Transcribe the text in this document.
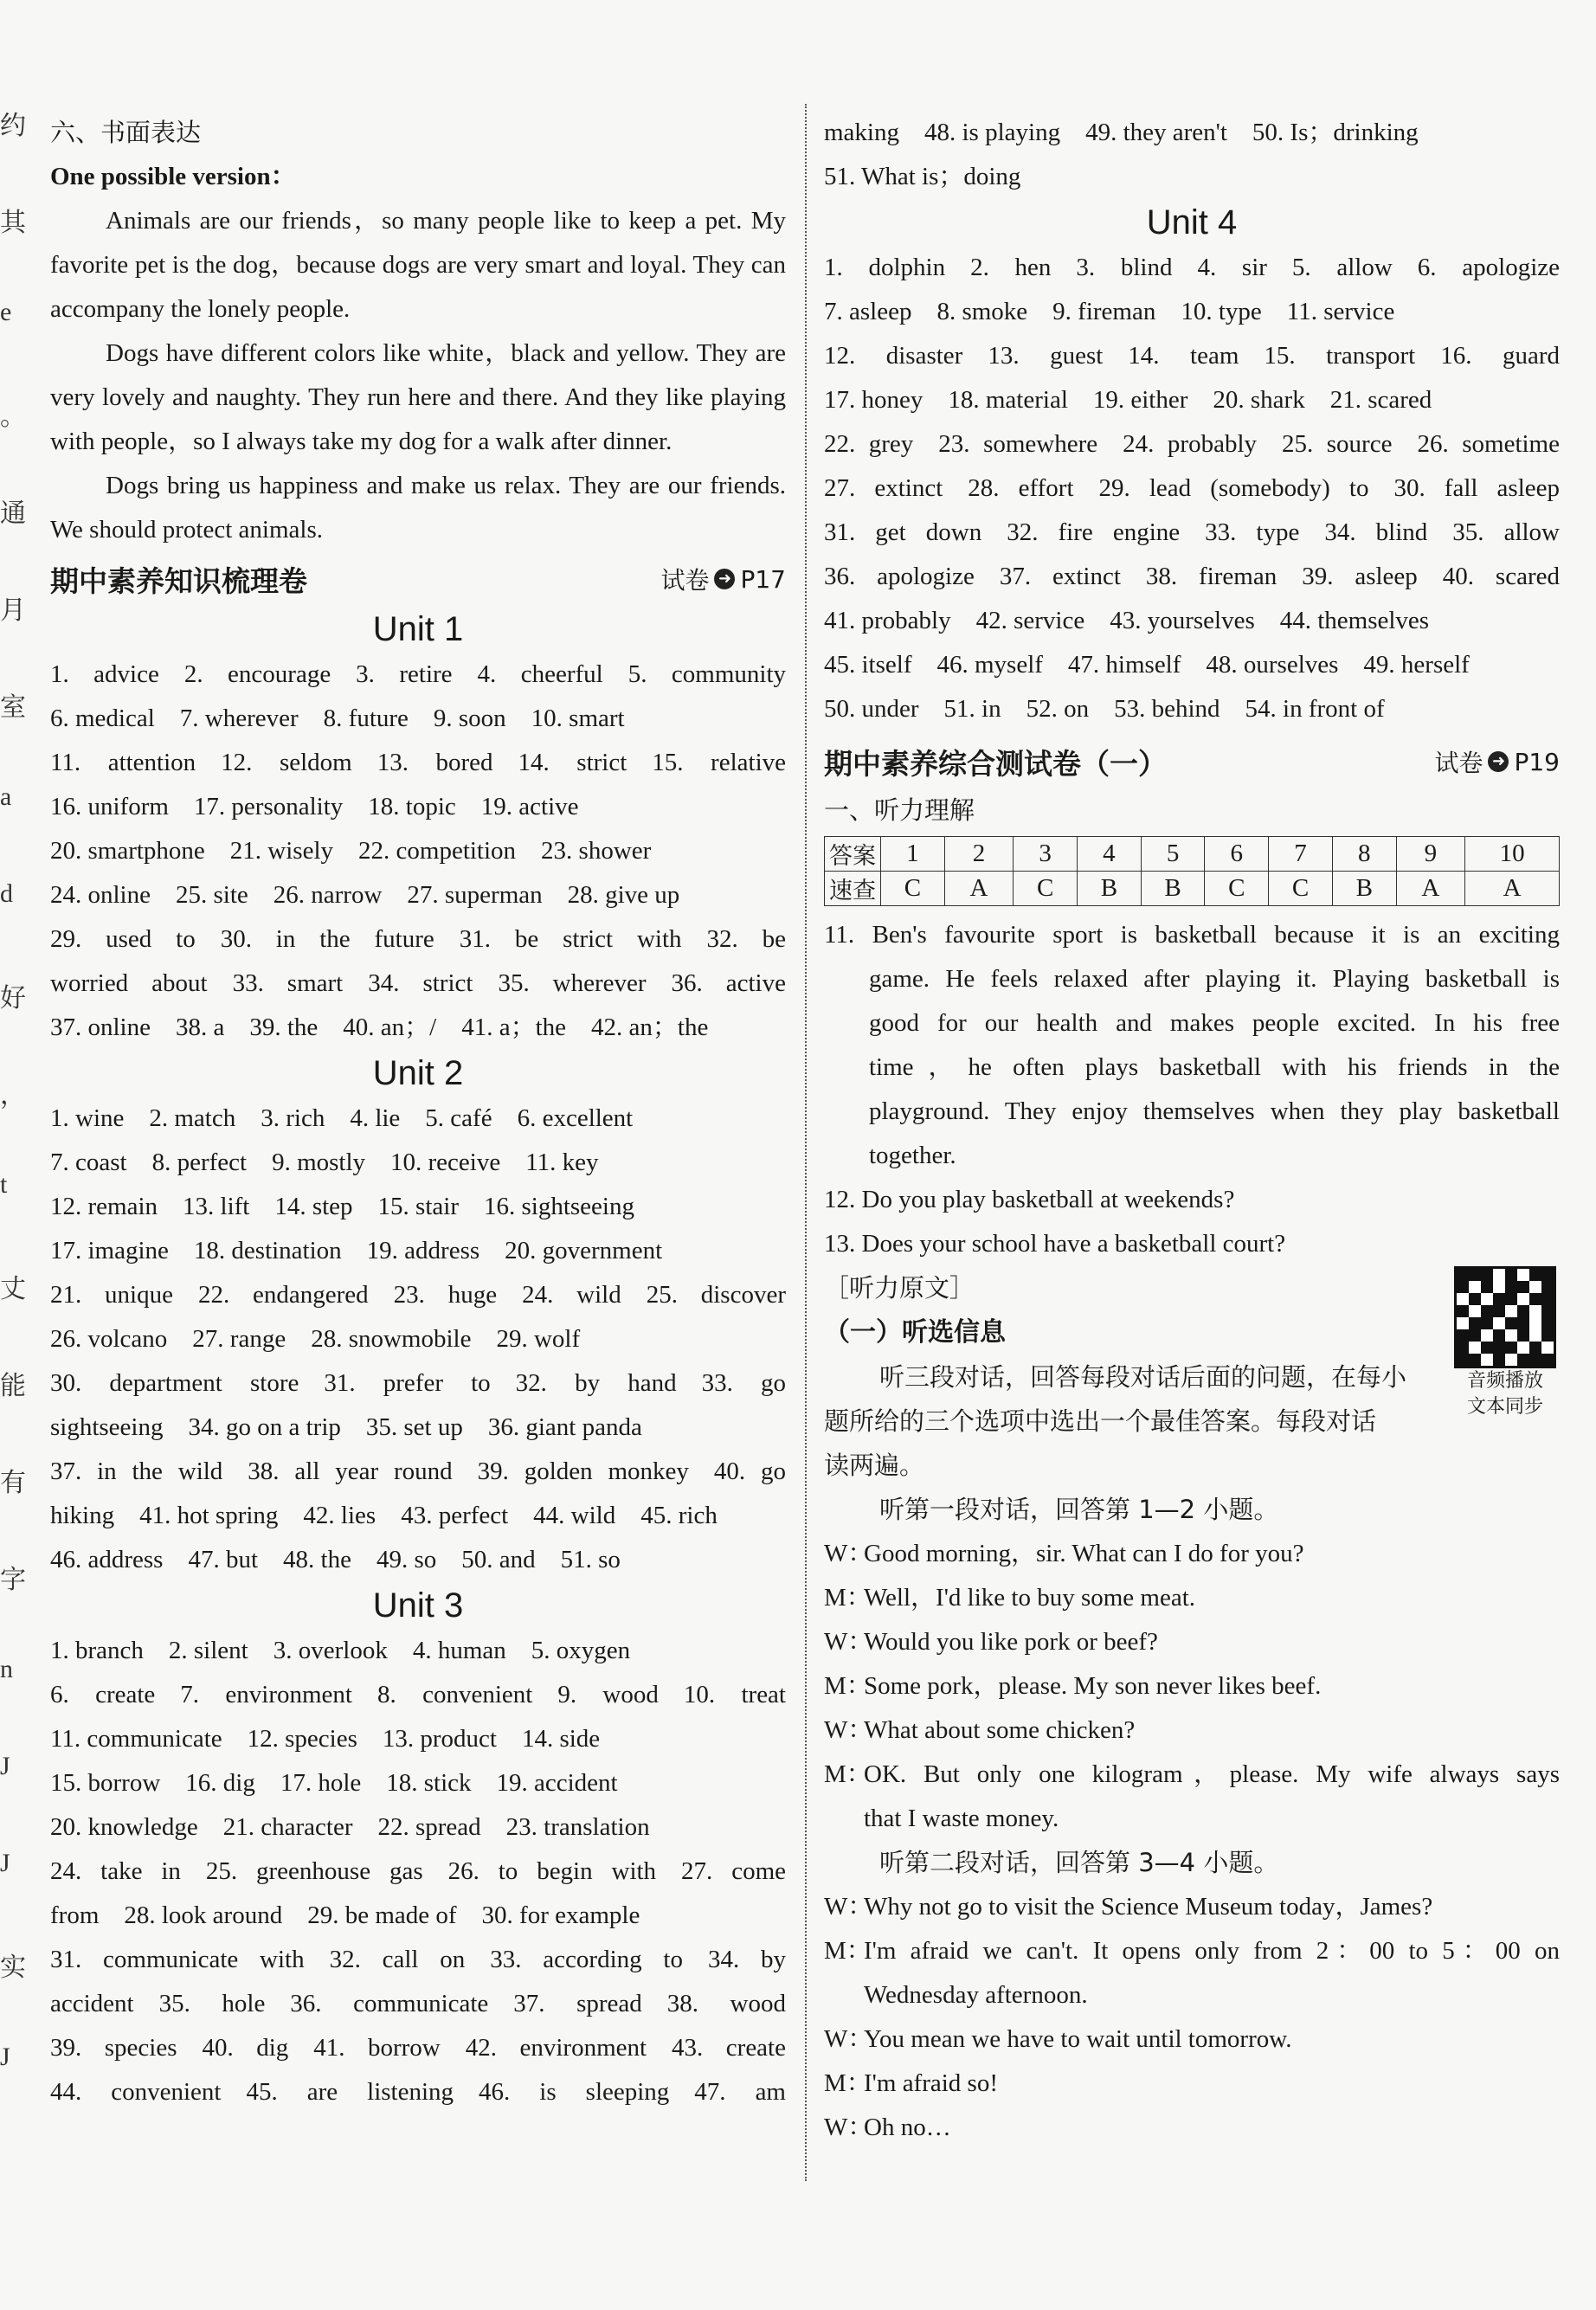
约
其
e
。
通
月
室
a
d
好
，
t
丈
能
有
字
n
J
J
实
J
六、书面表达
One possible version：
Animals are our friends，so many people like to keep a pet. My favorite pet is the dog，because dogs are very smart and loyal. They can accompany the lonely people.
Dogs have different colors like white，black and yellow. They are very lovely and naughty. They run here and there. And they like playing with people，so I always take my dog for a walk after dinner.
Dogs bring us happiness and make us relax. They are our friends. We should protect animals.
期中素养知识梳理卷	试卷 ➜ P17
Unit 1
1. advice 2. encourage 3. retire 4. cheerful 5. community
6. medical 7. wherever 8. future 9. soon 10. smart
11. attention 12. seldom 13. bored 14. strict 15. relative
16. uniform 17. personality 18. topic 19. active
20. smartphone 21. wisely 22. competition 23. shower
24. online 25. site 26. narrow 27. superman 28. give up
29. used to 30. in the future 31. be strict with 32. be
worried about 33. smart 34. strict 35. wherever 36. active
37. online 38. a 39. the 40. an；/ 41. a；the 42. an；the
Unit 2
1. wine 2. match 3. rich 4. lie 5. café 6. excellent
7. coast 8. perfect 9. mostly 10. receive 11. key
12. remain 13. lift 14. step 15. stair 16. sightseeing
17. imagine 18. destination 19. address 20. government
21. unique 22. endangered 23. huge 24. wild 25. discover
26. volcano 27. range 28. snowmobile 29. wolf
30. department store 31. prefer to 32. by hand 33. go
sightseeing 34. go on a trip 35. set up 36. giant panda
37. in the wild 38. all year round 39. golden monkey 40. go
hiking 41. hot spring 42. lies 43. perfect 44. wild 45. rich
46. address 47. but 48. the 49. so 50. and 51. so
Unit 3
1. branch 2. silent 3. overlook 4. human 5. oxygen
6. create 7. environment 8. convenient 9. wood 10. treat
11. communicate 12. species 13. product 14. side
15. borrow 16. dig 17. hole 18. stick 19. accident
20. knowledge 21. character 22. spread 23. translation
24. take in 25. greenhouse gas 26. to begin with 27. come
from 28. look around 29. be made of 30. for example
31. communicate with 32. call on 33. according to 34. by
accident 35. hole 36. communicate 37. spread 38. wood
39. species 40. dig 41. borrow 42. environment 43. create
44. convenient 45. are listening 46. is sleeping 47. am
making 48. is playing 49. they aren't 50. Is；drinking
51. What is；doing
Unit 4
1. dolphin 2. hen 3. blind 4. sir 5. allow 6. apologize
7. asleep 8. smoke 9. fireman 10. type 11. service
12. disaster 13. guest 14. team 15. transport 16. guard
17. honey 18. material 19. either 20. shark 21. scared
22. grey 23. somewhere 24. probably 25. source 26. sometime
27. extinct 28. effort 29. lead (somebody) to 30. fall asleep
31. get down 32. fire engine 33. type 34. blind 35. allow
36. apologize 37. extinct 38. fireman 39. asleep 40. scared
41. probably 42. service 43. yourselves 44. themselves
45. itself 46. myself 47. himself 48. ourselves 49. herself
50. under 51. in 52. on 53. behind 54. in front of
期中素养综合测试卷（一）	试卷 ➜ P19
一、听力理解
答案	1	2	3	4	5	6	7	8	9	10
速查	C	A	C	B	B	C	C	B	A	A
11. Ben's favourite sport is basketball because it is an exciting
game. He feels relaxed after playing it. Playing basketball is
good for our health and makes people excited. In his free
time，he often plays basketball with his friends in the
playground. They enjoy themselves when they play basketball
together.
12. Do you play basketball at weekends?
13. Does your school have a basketball court?
音频播放
文本同步
［听力原文］
（一）听选信息
听三段对话，回答每段对话后面的问题，在每小
题所给的三个选项中选出一个最佳答案。每段对话
读两遍。
听第一段对话，回答第 1—2 小题。
W：
Good morning，sir. What can I do for you?
M：
Well，I'd like to buy some meat.
W：
Would you like pork or beef?
M：
Some pork，please. My son never likes beef.
W：
What about some chicken?
M：
OK. But only one kilogram，please. My wife always says
that I waste money.
听第二段对话，回答第 3—4 小题。
W：
Why not go to visit the Science Museum today，James?
M：
I'm afraid we can't. It opens only from 2：00 to 5：00 on
Wednesday afternoon.
W：
You mean we have to wait until tomorrow.
M：
I'm afraid so!
W：
Oh no…
